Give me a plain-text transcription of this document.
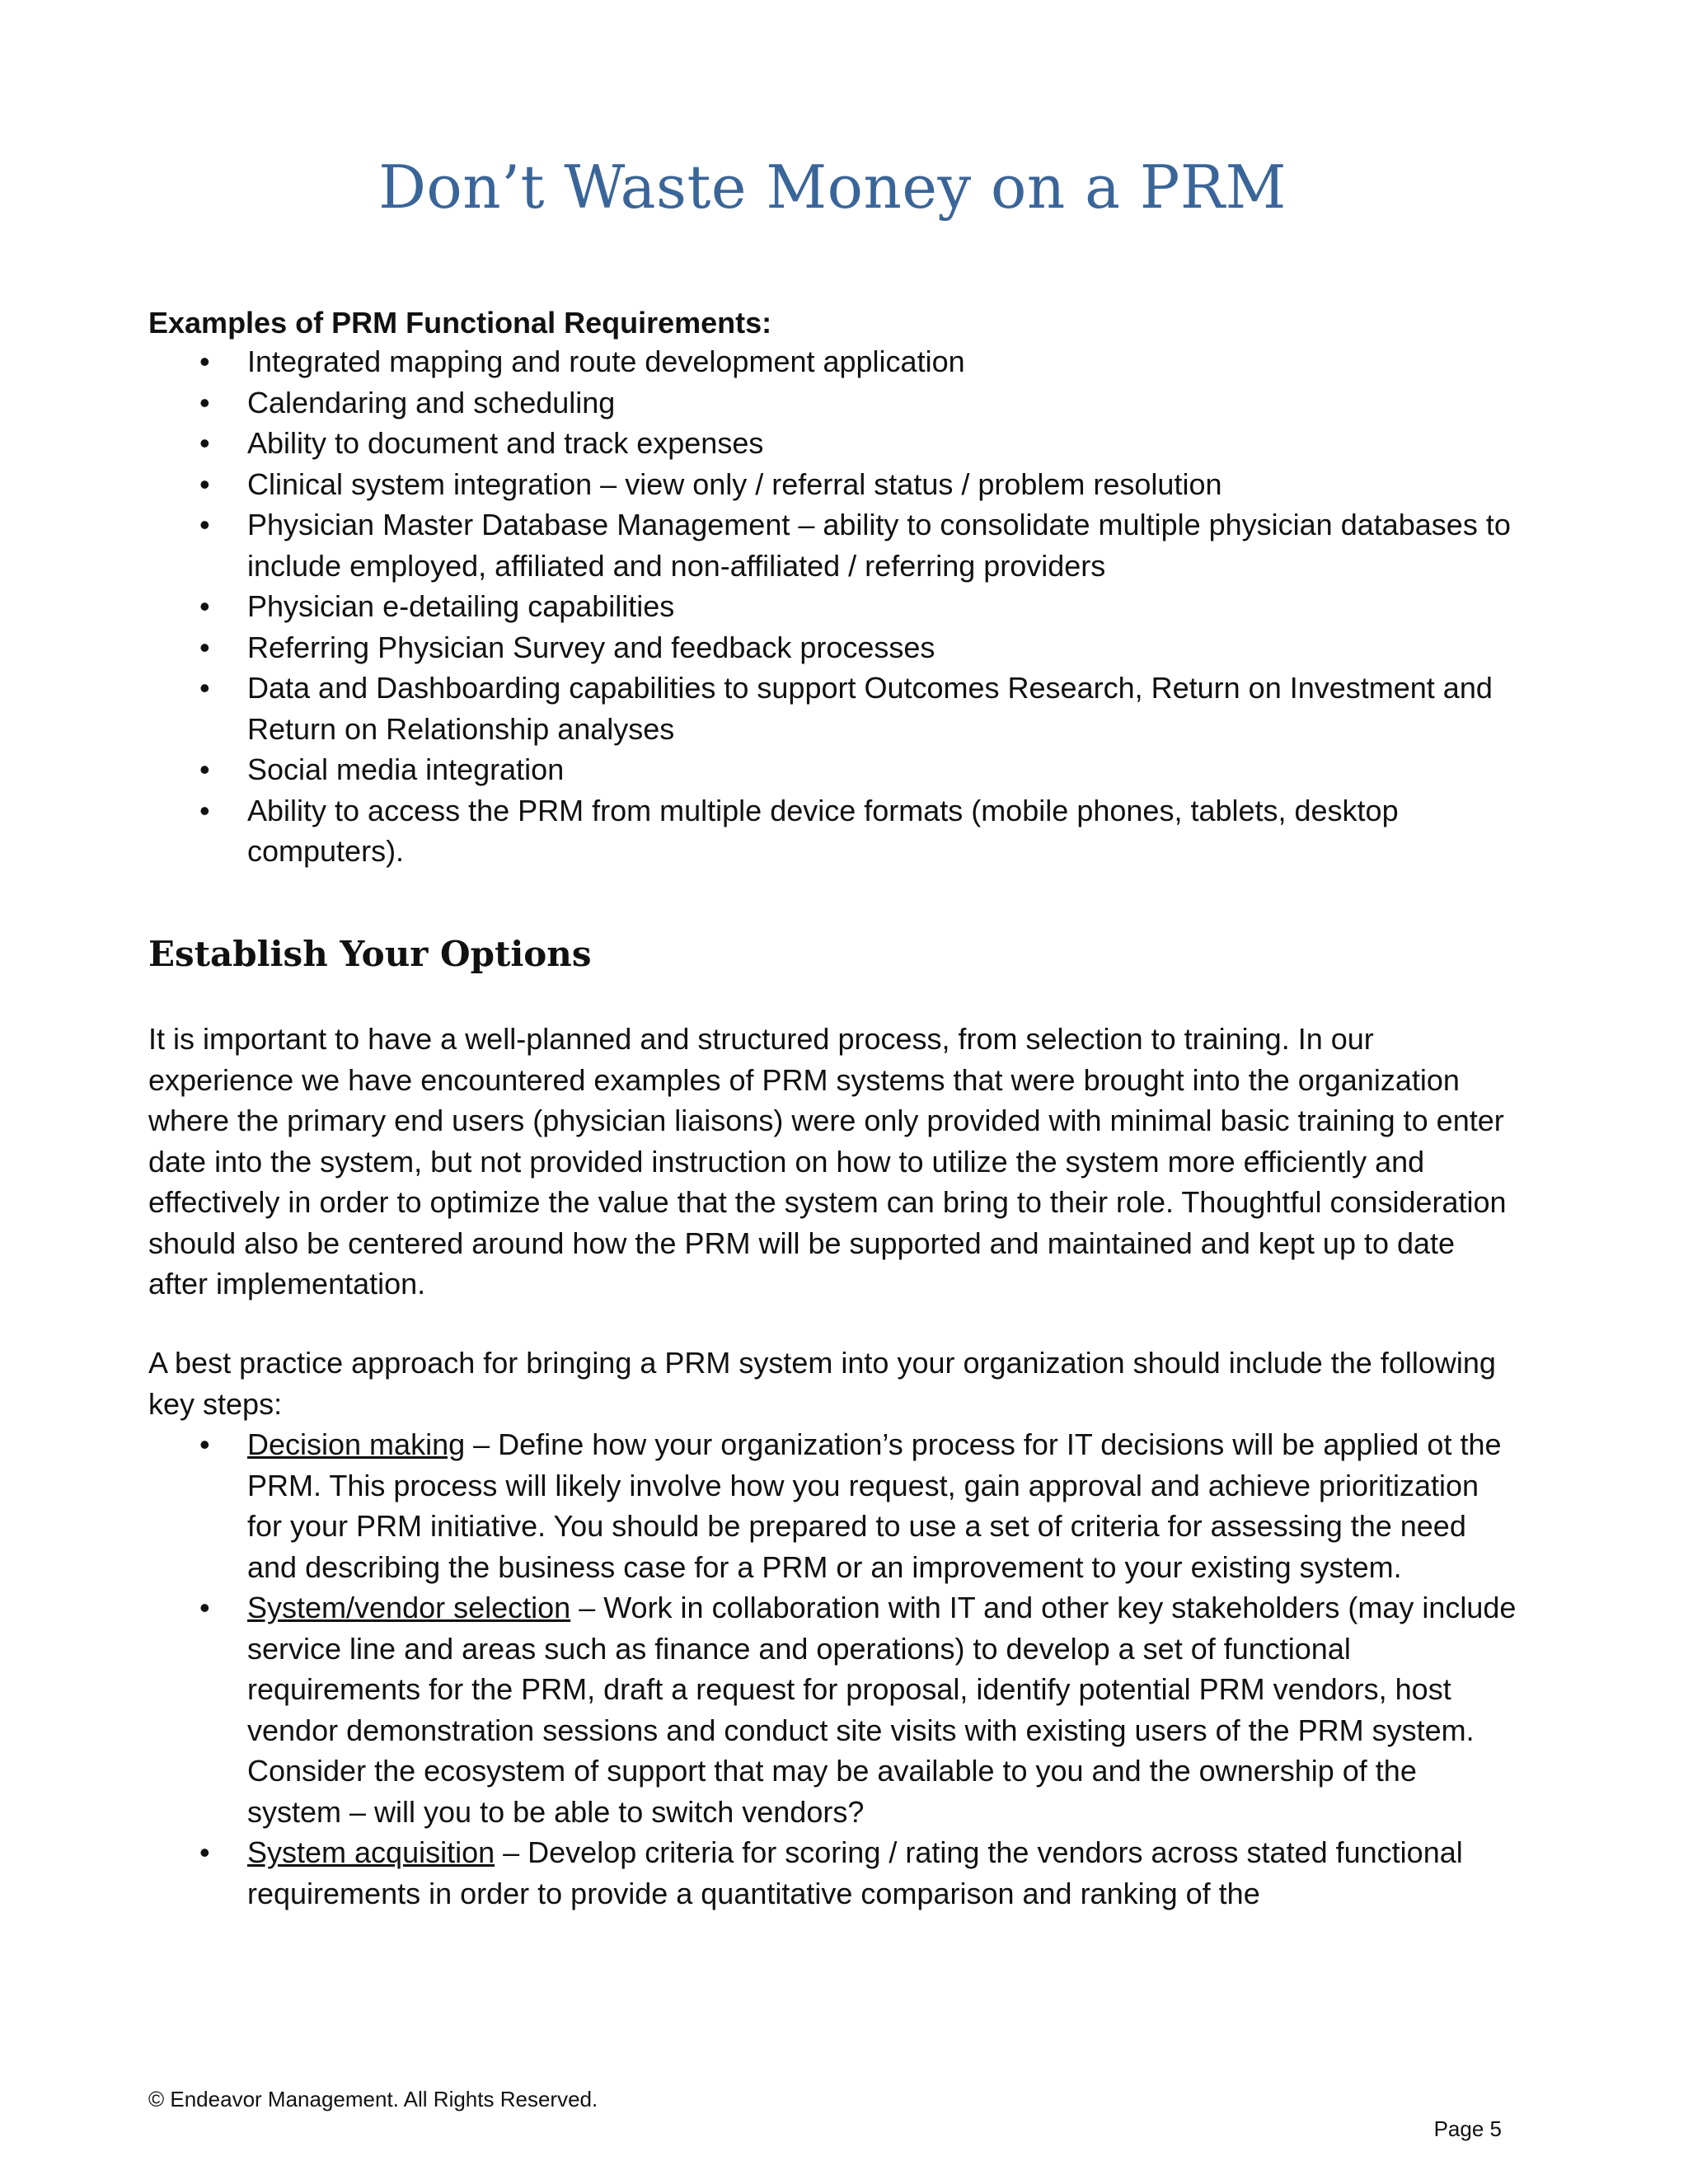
Don’t Waste Money on a PRM

Examples of PRM Functional Requirements:

• Integrated mapping and route development application
• Calendaring and scheduling
• Ability to document and track expenses
• Clinical system integration – view only / referral status / problem resolution
• Physician Master Database Management – ability to consolidate multiple physician databases to include employed, affiliated and non-affiliated / referring providers
• Physician e-detailing capabilities
• Referring Physician Survey and feedback processes
• Data and Dashboarding capabilities to support Outcomes Research, Return on Investment and Return on Relationship analyses
• Social media integration
• Ability to access the PRM from multiple device formats (mobile phones, tablets, desktop computers).
Establish Your Options

It is important to have a well-planned and structured process, from selection to training. In our experience we have encountered examples of PRM systems that were brought into the organization where the primary end users (physician liaisons) were only provided with minimal basic training to enter date into the system, but not provided instruction on how to utilize the system more efficiently and effectively in order to optimize the value that the system can bring to their role. Thoughtful consideration should also be centered around how the PRM will be supported and maintained and kept up to date after implementation.

A best practice approach for bringing a PRM system into your organization should include the following key steps:

• Decision making – Define how your organization’s process for IT decisions will be applied ot the PRM. This process will likely involve how you request, gain approval and achieve prioritization for your PRM initiative. You should be prepared to use a set of criteria for assessing the need and describing the business case for a PRM or an improvement to your existing system.
• System/vendor selection – Work in collaboration with IT and other key stakeholders (may include service line and areas such as finance and operations) to develop a set of functional requirements for the PRM, draft a request for proposal, identify potential PRM vendors, host vendor demonstration sessions and conduct site visits with existing users of the PRM system. Consider the ecosystem of support that may be available to you and the ownership of the system – will you to be able to switch vendors?
• System acquisition – Develop criteria for scoring / rating the vendors across stated functional requirements in order to provide a quantitative comparison and ranking of the
© Endeavor Management. All Rights Reserved.
Page 5
